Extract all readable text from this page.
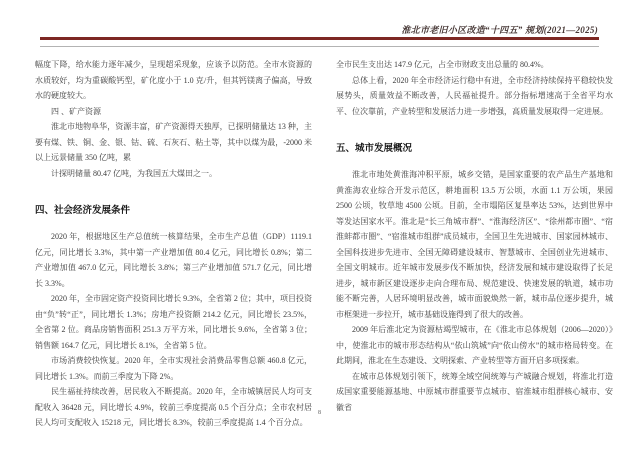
淮北市老旧小区改造“十四五” 规划(2021—2025)

幅度下降，给水能力逐年减少，呈现超采现象，应该予以防范。全市水资源的水质较好，均为重碳酸钙型，矿化度小于 1.0 克/升，但其钙镁离子偏高，导致水的硬度较大。

四 、矿产资源

淮北市地物阜华，资源丰富，矿产资源得天独厚，已探明储量达 13 种，主要有煤、铁、铜、金、银、钴、硫、石灰石、粘土等，其中以煤为最，-2000 米以上远景储量 350 亿吨，累

计探明储量 80.47 亿吨，为我国五大煤田之一。

四、社会经济发展条件

2020 年，根据地区生产总值统一核算结果，全市生产总值（GDP）1119.1 亿元，同比增长 3.3%，其中第一产业增加值 80.4 亿元，同比增长 0.8%；第二产业增加值 467.0 亿元，同比增长 3.8%；第三产业增加值 571.7 亿元，同比增长 3.3%。

2020 年，全市固定资产投资同比增长 9.3%，全省第 2 位；其中，项目投资由“负”转“正”，同比增长 1.3%；房地产投资额 214.2 亿元，同比增长 23.5%，全省第 2 位。商品房销售面积 251.3 万平方米，同比增长 9.6%，全省第 3 位；销售额 164.7 亿元，同比增长 8.1%，全省第 5 位。

市场消费较快恢复。2020 年，全市实现社会消费品零售总额 460.8 亿元，同比增长 1.3%。而前三季度为下降 2%。

民生福祉持续改善，居民收入不断提高。2020 年，全市城镇居民人均可支配收入 36428 元，同比增长 4.9%，较前三季度提高 0.5 个百分点；全市农村居民人均可支配收入 15218 元，同比增长 8.3%，较前三季度提高 1.4 个百分点。

全市民生支出达 147.9 亿元，占全市财政支出总量的 80.4%。

总体上看，2020 年全市经济运行稳中有进，全市经济持续保持平稳较快发展势头，质量效益不断改善，人民福祉提升。部分指标增速高于全省平均水平、位次靠前，产业转型和发展活力进一步增强，高质量发展取得一定进展。

五、城市发展概况

淮北市地处黄淮海冲积平原，城乡交错，是国家重要的农产品生产基地和黄淮海农业综合开发示范区，耕地面积 13.5 万公顷，水面 1.1 万公顷，果园 2500 公顷，牧草地 4500 公顷。目前，全市塌陷区复垦率达 53%，达到世界中等发达国家水平。淮北是“长三角城市群”、“淮海经济区”、“徐州都市圈”、“宿淮蚌都市圈”、“宿淮城市组群”成员城市，全国卫生先进城市、国家园林城市、全国科技进步先进市、全国无障碍建设城市、智慧城市、全国创业先进城市、全国文明城市。近年城市发展步伐不断加快，经济发展和城市建设取得了长足进步，城市新区建设逐步走向合理布局、规范建设、快速发展的轨道，城市功能不断完善，人居环境明显改善，城市面貌焕然一新，城市品位逐步提升，城市框架进一步拉开，城市基础设施得到了很大的改善。

2009 年后淮北定为资源枯竭型城市，在《淮北市总体规划（2006—2020）》中，使淮北市的城市形态结构从“依山筑城”向“依山傍水”的城市格局转变。在此期间，淮北在生态建设、文明探索、产业转型等方面开启多项探索。

在城市总体规划引领下，统筹全域空间统筹与产城融合规划，将淮北打造成国家重要能源基地、中原城市群重要节点城市、宿淮城市组群核心城市、安徽省

8
